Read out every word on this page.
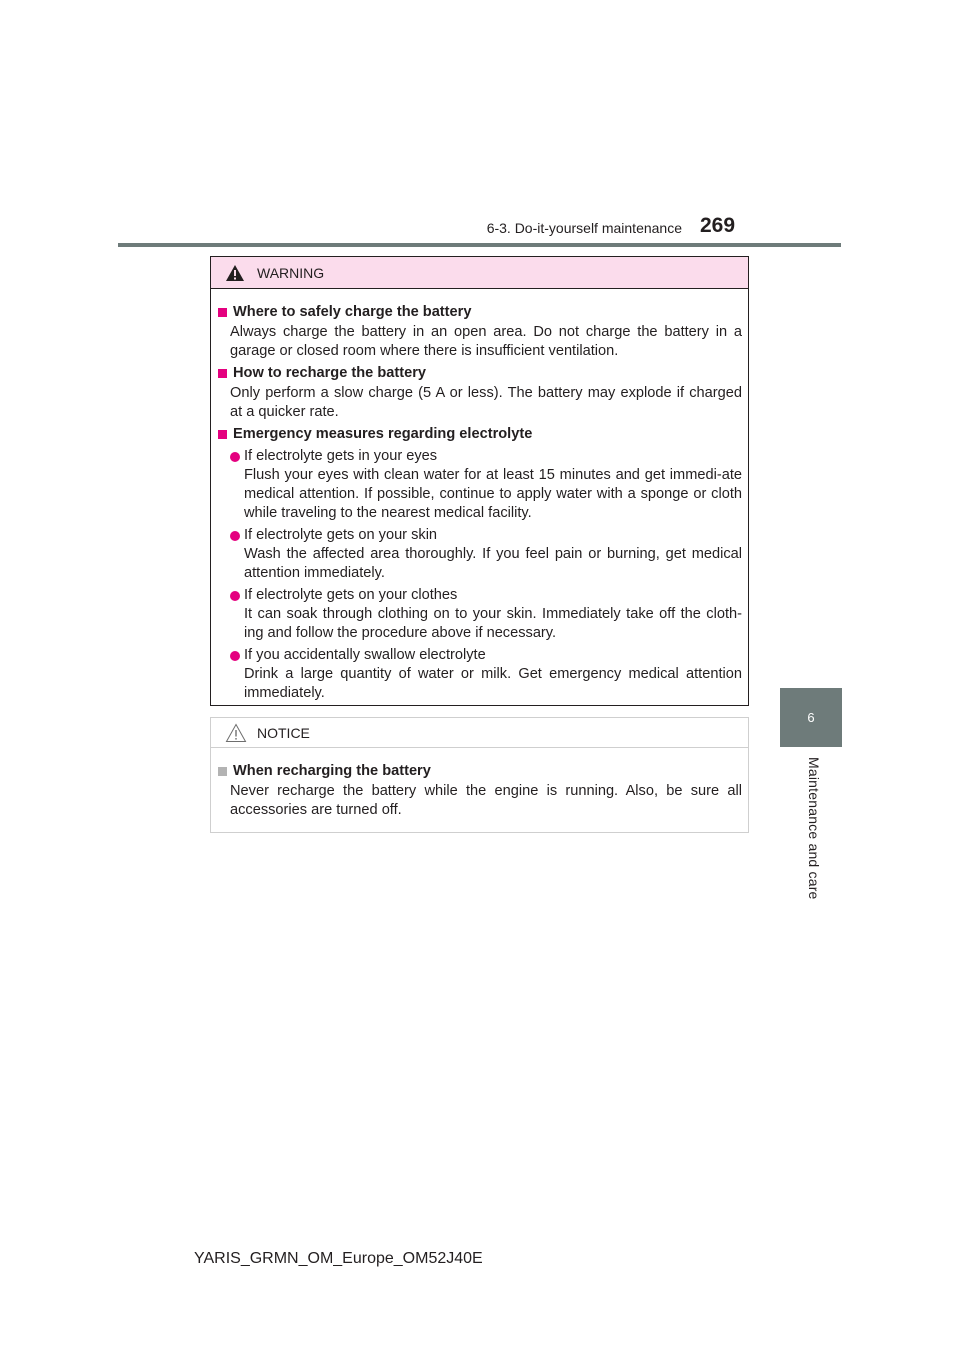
6-3. Do-it-yourself maintenance 269
6
Maintenance and care
WARNING
Where to safely charge the battery
Always charge the battery in an open area. Do not charge the battery in a garage or closed room where there is insufficient ventilation.
How to recharge the battery
Only perform a slow charge (5 A or less). The battery may explode if charged at a quicker rate.
Emergency measures regarding electrolyte
If electrolyte gets in your eyes
Flush your eyes with clean water for at least 15 minutes and get immedi-ate medical attention. If possible, continue to apply water with a sponge or cloth while traveling to the nearest medical facility.
If electrolyte gets on your skin
Wash the affected area thoroughly. If you feel pain or burning, get medical attention immediately.
If electrolyte gets on your clothes
It can soak through clothing on to your skin. Immediately take off the cloth-ing and follow the procedure above if necessary.
If you accidentally swallow electrolyte
Drink a large quantity of water or milk. Get emergency medical attention immediately.
NOTICE
When recharging the battery
Never recharge the battery while the engine is running. Also, be sure all accessories are turned off.
YARIS_GRMN_OM_Europe_OM52J40E
